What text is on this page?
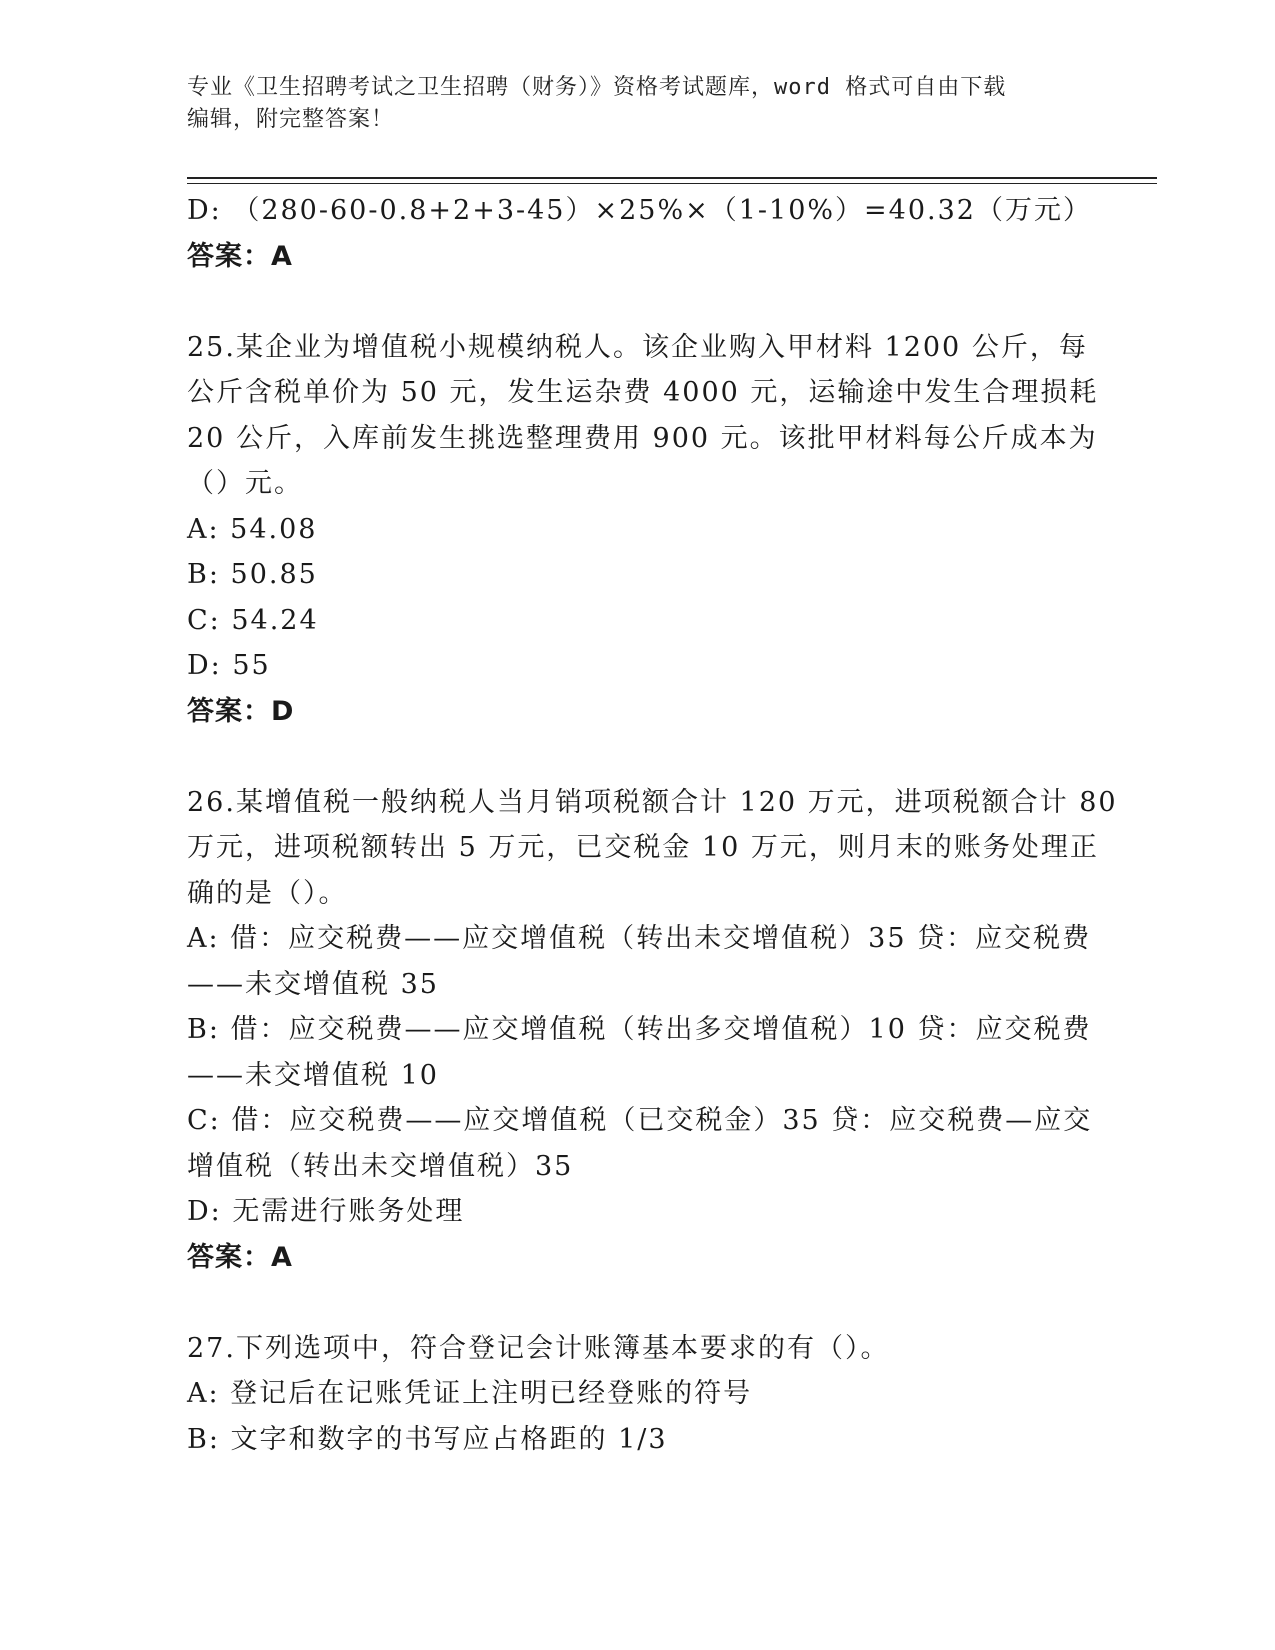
专业《卫生招聘考试之卫生招聘（财务）》资格考试题库，word 格式可自由下载
编辑，附完整答案！
D: （280-60-0.8+2+3-45）×25%×（1-10%）=40.32（万元）
答案：A
25.某企业为增值税小规模纳税人。该企业购入甲材料 1200 公斤，每
公斤含税单价为 50 元，发生运杂费 4000 元，运输途中发生合理损耗
20 公斤，入库前发生挑选整理费用 900 元。该批甲材料每公斤成本为
（）元。
A: 54.08
B: 50.85
C: 54.24
D: 55
答案：D
26.某增值税一般纳税人当月销项税额合计 120 万元，进项税额合计 80
万元，进项税额转出 5 万元，已交税金 10 万元，则月末的账务处理正
确的是（）。
A: 借：应交税费——应交增值税（转出未交增值税）35 贷：应交税费
——未交增值税 35
B: 借：应交税费——应交增值税（转出多交增值税）10 贷：应交税费
——未交增值税 10
C: 借：应交税费——应交增值税（已交税金）35 贷：应交税费—应交
增值税（转出未交增值税）35
D: 无需进行账务处理
答案：A
27.下列选项中，符合登记会计账簿基本要求的有（）。
A: 登记后在记账凭证上注明已经登账的符号
B: 文字和数字的书写应占格距的 1/3
